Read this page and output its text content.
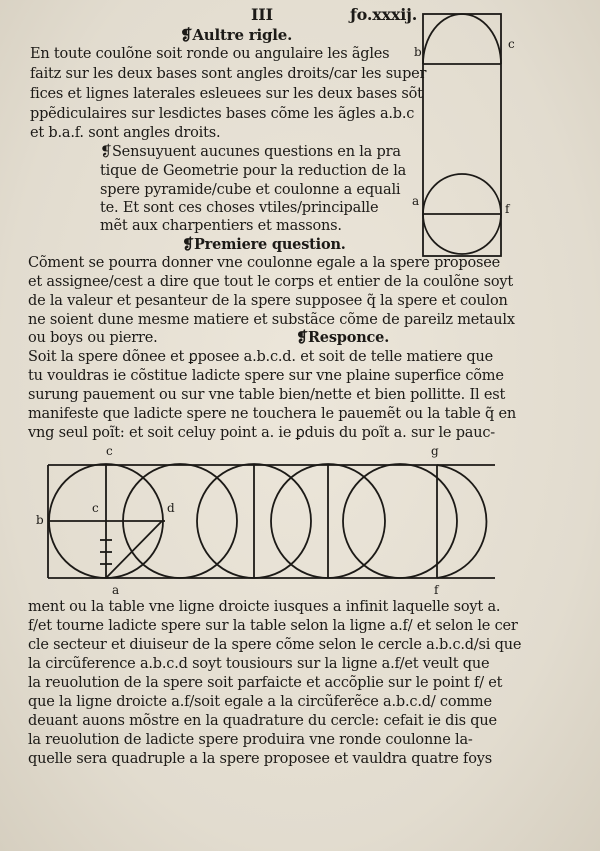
III	ƒo.xxxij.
❡Aultre rigle.
En toute coulõne soit ronde ou angulaire les ãgles
faitz sur les deux bases sont angles droits/car les super
fices et lignes laterales esleuees sur les deux bases sõt
ppẽdiculaires sur lesdictes bases cõme les ãgles a.b.c
et b.a.f. sont angles droits.
❡Sensuyuent aucunes questions en la pra
tique de Geometrie pour la reduction de la
spere pyramide/cube et coulonne a equali
te. Et sont ces choses vtiles/principalle
mẽt aux charpentiers et massons.
b
c
a
f
❡Premiere question.
Cõment se pourra donner vne coulonne egale a la spere proposee
et assignee/cest a dire que tout le corps et entier de la coulõne soyt
de la valeur et pesanteur de la spere supposee q̃ la spere et coulon
ne soient dune mesme matiere et substãce cõme de pareilz metaulx
ou boys ou pierre.	❡Responce.
Soit la spere dõnee et ꝑposee a.b.c.d. et soit de telle matiere que
tu vouldras ie cõstitue ladicte spere sur vne plaine superfice cõme
surung pauement ou sur vne table bien/nette et bien pollitte. Il est
manifeste que ladicte spere ne touchera le pauemẽt ou la table q̃ en
vng seul poĩt: et soit celuy point a. ie ꝑduis du poĩt a. sur le pauc-
c	g
b
c	d
a	f
ment ou la table vne ligne droicte iusques a infinit laquelle soyt a.
f/et tourne ladicte spere sur la table selon la ligne a.f/ et selon le cer
cle secteur et diuiseur de la spere cõme selon le cercle a.b.c.d/si que
la circũference a.b.c.d soyt tousiours sur la ligne a.f/et veult que
la reuolution de la spere soit parfaicte et accõplie sur le point f/ et
que la ligne droicte a.f/soit egale a la circũferẽce a.b.c.d/ comme
deuant auons mõstre en la quadrature du cercle: cefait ie dis que
la reuolution de ladicte spere produira vne ronde coulonne la-
quelle sera quadruple a la spere proposee et vauldra quatre foys
